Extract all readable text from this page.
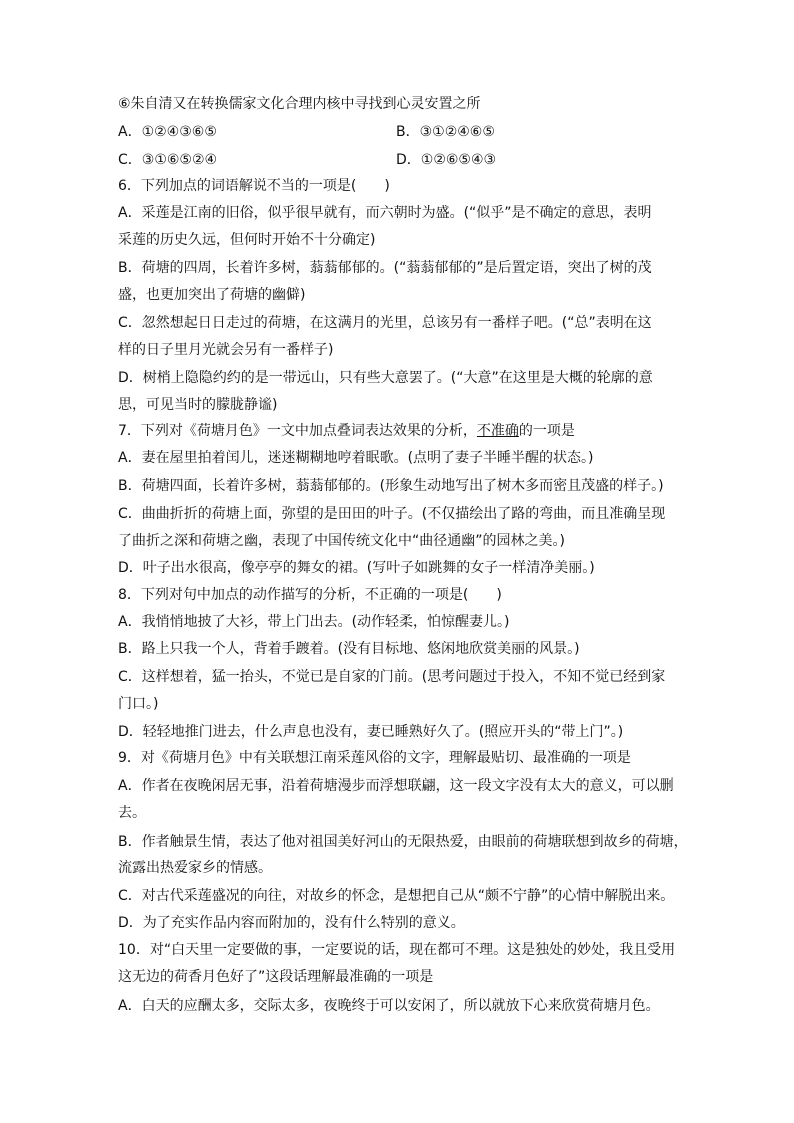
⑥朱自清又在转换儒家文化合理内核中寻找到心灵安置之所
A．①②④③⑥⑤	B．③①②④⑥⑤
C．③①⑥⑤②④	D．①②⑥⑤④③
6．下列加点的词语解说不当的一项是(　　)
A．采莲是江南的旧俗，似乎很早就有，而六朝时为盛。(“似乎”是不确定的意思，表明
采莲的历史久远，但何时开始不十分确定)
B．荷塘的四周，长着许多树，蓊蓊郁郁的。(“蓊蓊郁郁的”是后置定语，突出了树的茂
盛，也更加突出了荷塘的幽僻)
C．忽然想起日日走过的荷塘，在这满月的光里，总该另有一番样子吧。(“总”表明在这
样的日子里月光就会另有一番样子)
D．树梢上隐隐约约的是一带远山，只有些大意罢了。(“大意”在这里是大概的轮廓的意
思，可见当时的朦胧静谧)
7．下列对《荷塘月色》一文中加点叠词表达效果的分析，不准确的一项是
A．妻在屋里拍着闰儿，迷迷糊糊地哼着眠歌。(点明了妻子半睡半醒的状态。)
B．荷塘四面，长着许多树，蓊蓊郁郁的。(形象生动地写出了树木多而密且茂盛的样子。)
C．曲曲折折的荷塘上面，弥望的是田田的叶子。(不仅描绘出了路的弯曲，而且准确呈现
了曲折之深和荷塘之幽，表现了中国传统文化中“曲径通幽”的园林之美。)
D．叶子出水很高，像亭亭的舞女的裙。(写叶子如跳舞的女子一样清净美丽。)
8．下列对句中加点的动作描写的分析，不正确的一项是(　　)
A．我悄悄地披了大衫，带上门出去。(动作轻柔，怕惊醒妻儿。)
B．路上只我一个人，背着手踱着。(没有目标地、悠闲地欣赏美丽的风景。)
C．这样想着，猛一抬头，不觉已是自家的门前。(思考问题过于投入，不知不觉已经到家
门口。)
D．轻轻地推门进去，什么声息也没有，妻已睡熟好久了。(照应开头的“带上门”。)
9．对《荷塘月色》中有关联想江南采莲风俗的文字，理解最贴切、最准确的一项是
A．作者在夜晚闲居无事，沿着荷塘漫步而浮想联翩，这一段文字没有太大的意义，可以删
去。
B．作者触景生情，表达了他对祖国美好河山的无限热爱，由眼前的荷塘联想到故乡的荷塘，
流露出热爱家乡的情感。
C．对古代采莲盛况的向往，对故乡的怀念，是想把自己从“颇不宁静”的心情中解脱出来。
D．为了充实作品内容而附加的，没有什么特别的意义。
10．对“白天里一定要做的事，一定要说的话，现在都可不理。这是独处的妙处，我且受用
这无边的荷香月色好了”这段话理解最准确的一项是
A．白天的应酬太多，交际太多，夜晚终于可以安闲了，所以就放下心来欣赏荷塘月色。
